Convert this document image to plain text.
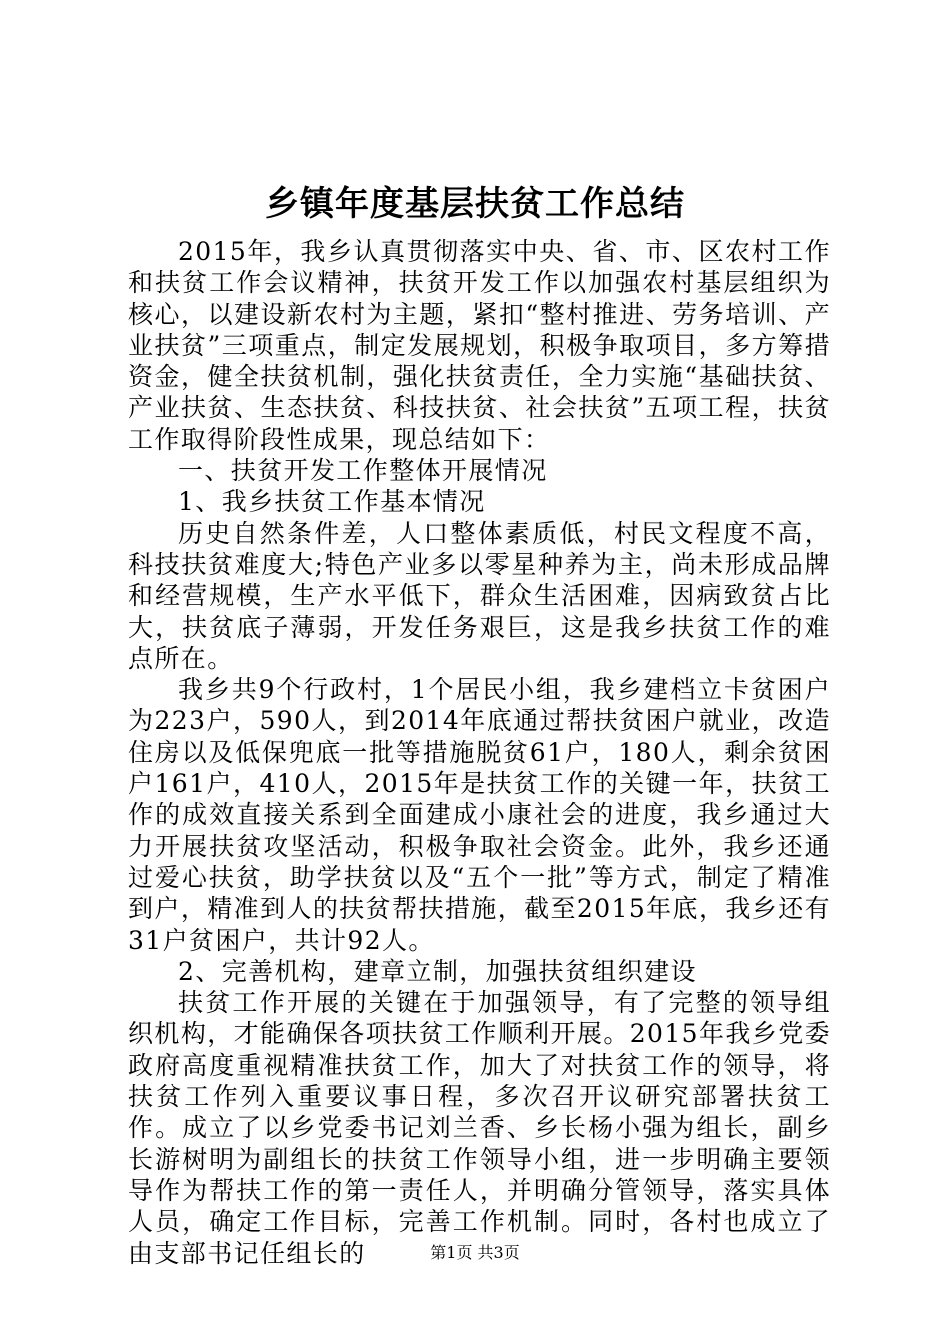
乡镇年度基层扶贫工作总结

2015年，我乡认真贯彻落实中央、省、市、区农村工作和扶贫工作会议精神，扶贫开发工作以加强农村基层组织为核心，以建设新农村为主题，紧扣“整村推进、劳务培训、产业扶贫”三项重点，制定发展规划，积极争取项目，多方筹措资金，健全扶贫机制，强化扶贫责任，全力实施“基础扶贫、产业扶贫、生态扶贫、科技扶贫、社会扶贫”五项工程，扶贫工作取得阶段性成果，现总结如下：

一、扶贫开发工作整体开展情况

1、我乡扶贫工作基本情况

历史自然条件差，人口整体素质低，村民文程度不高，科技扶贫难度大;特色产业多以零星种养为主，尚未形成品牌和经营规模，生产水平低下，群众生活困难，因病致贫占比大，扶贫底子薄弱，开发任务艰巨，这是我乡扶贫工作的难点所在。

我乡共9个行政村，1个居民小组，我乡建档立卡贫困户为223户，590人，到2014年底通过帮扶贫困户就业，改造住房以及低保兜底一批等措施脱贫61户，180人，剩余贫困户161户，410人，2015年是扶贫工作的关键一年，扶贫工作的成效直接关系到全面建成小康社会的进度，我乡通过大力开展扶贫攻坚活动，积极争取社会资金。此外，我乡还通过爱心扶贫，助学扶贫以及“五个一批”等方式，制定了精准到户，精准到人的扶贫帮扶措施，截至2015年底，我乡还有31户贫困户，共计92人。

2、完善机构，建章立制，加强扶贫组织建设

扶贫工作开展的关键在于加强领导，有了完整的领导组织机构，才能确保各项扶贫工作顺利开展。2015年我乡党委政府高度重视精准扶贫工作，加大了对扶贫工作的领导，将扶贫工作列入重要议事日程，多次召开议研究部署扶贫工作。成立了以乡党委书记刘兰香、乡长杨小强为组长，副乡长游树明为副组长的扶贫工作领导小组，进一步明确主要领导作为帮扶工作的第一责任人，并明确分管领导，落实具体人员，确定工作目标，完善工作机制。同时，各村也成立了由支部书记任组长的	第1页 共3页
